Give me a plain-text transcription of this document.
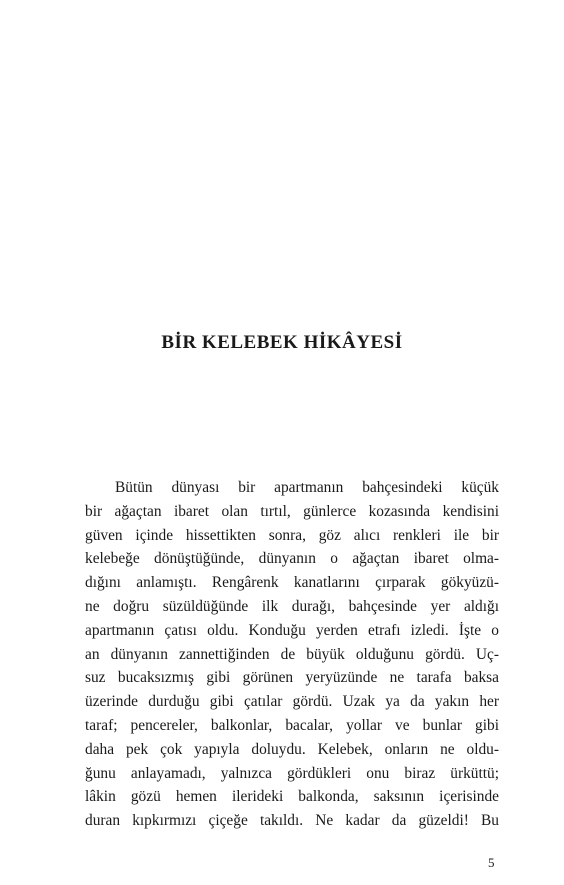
BİR KELEBEK HİKÂYESİ
Bütün dünyası bir apartmanın bahçesindeki küçük
bir ağaçtan ibaret olan tırtıl, günlerce kozasında kendisini
güven içinde hissettikten sonra, göz alıcı renkleri ile bir
kelebeğe dönüştüğünde, dünyanın o ağaçtan ibaret olma-
dığını anlamıştı. Rengârenk kanatlarını çırparak gökyüzü-
ne doğru süzüldüğünde ilk durağı, bahçesinde yer aldığı
apartmanın çatısı oldu. Konduğu yerden etrafı izledi. İşte o
an dünyanın zannettiğinden de büyük olduğunu gördü. Uç-
suz bucaksızmış gibi görünen yeryüzünde ne tarafa baksa
üzerinde durduğu gibi çatılar gördü. Uzak ya da yakın her
taraf; pencereler, balkonlar, bacalar, yollar ve bunlar gibi
daha pek çok yapıyla doluydu. Kelebek, onların ne oldu-
ğunu anlayamadı, yalnızca gördükleri onu biraz ürküttü;
lâkin gözü hemen ilerideki balkonda, saksının içerisinde
duran kıpkırmızı çiçeğe takıldı. Ne kadar da güzeldi! Bu
5
